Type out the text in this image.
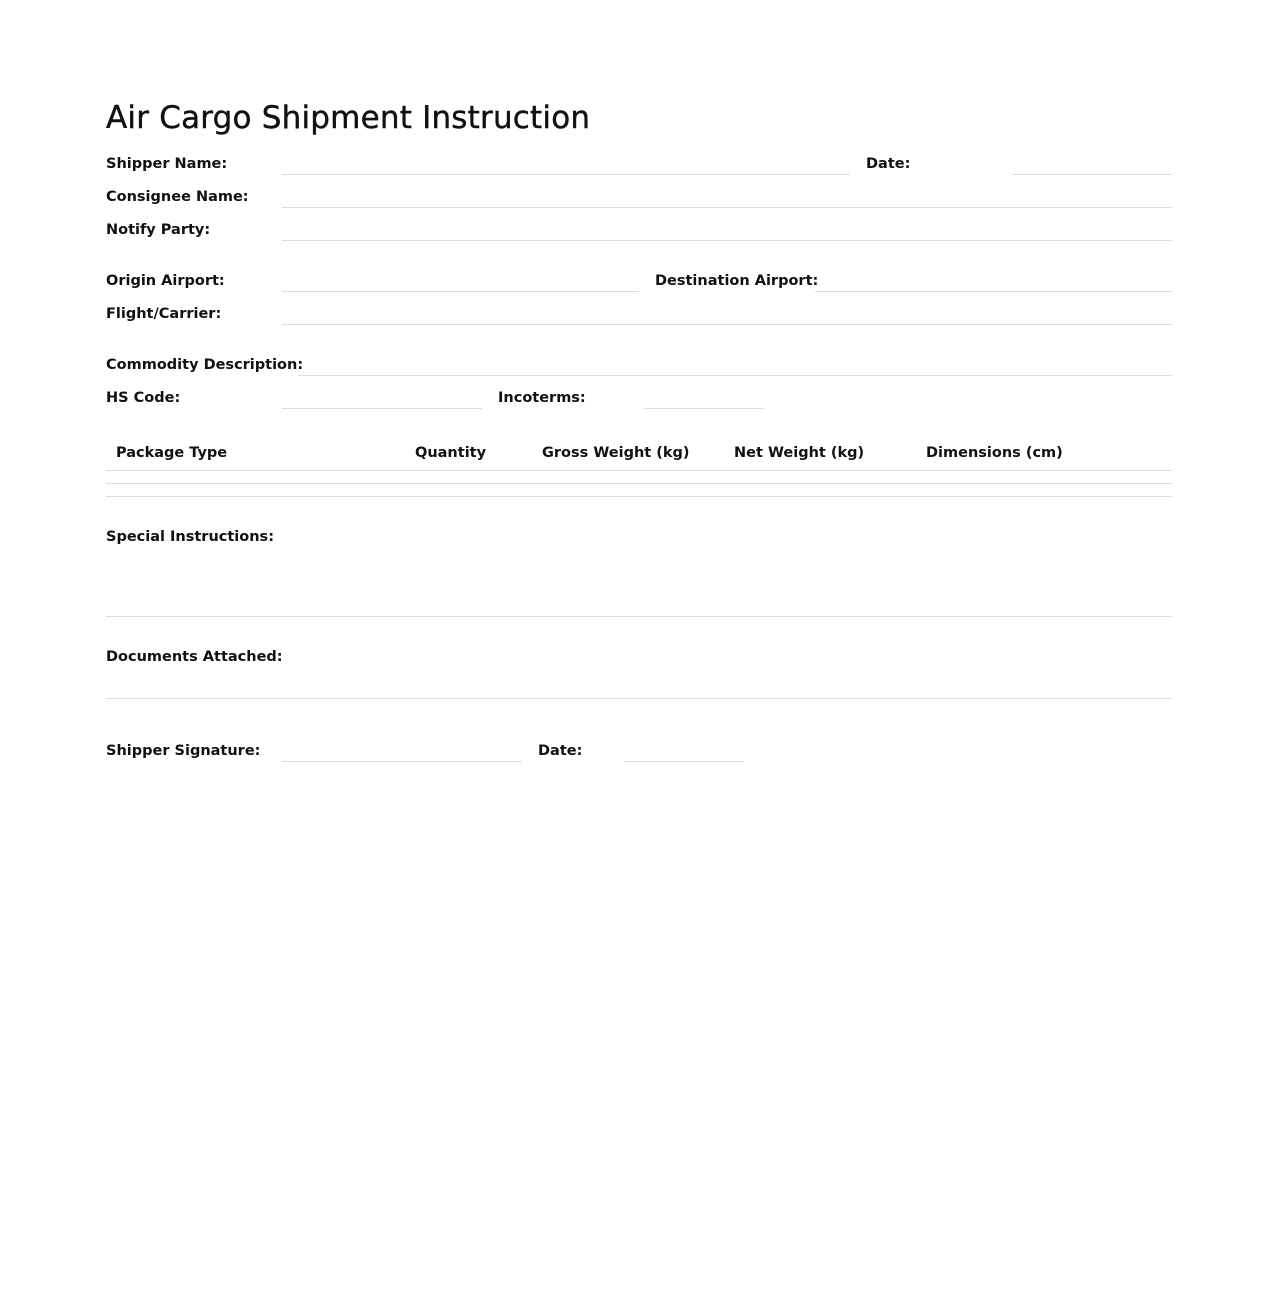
Air Cargo Shipment Instruction
Shipper Name:	Date:
Consignee Name:
Notify Party:
Origin Airport:	Destination Airport:
Flight/Carrier:
Commodity Description:
HS Code:	Incoterms:
Package Type	Quantity	Gross Weight (kg)	Net Weight (kg)	Dimensions (cm)
Special Instructions:
Documents Attached:
Shipper Signature:	Date:
